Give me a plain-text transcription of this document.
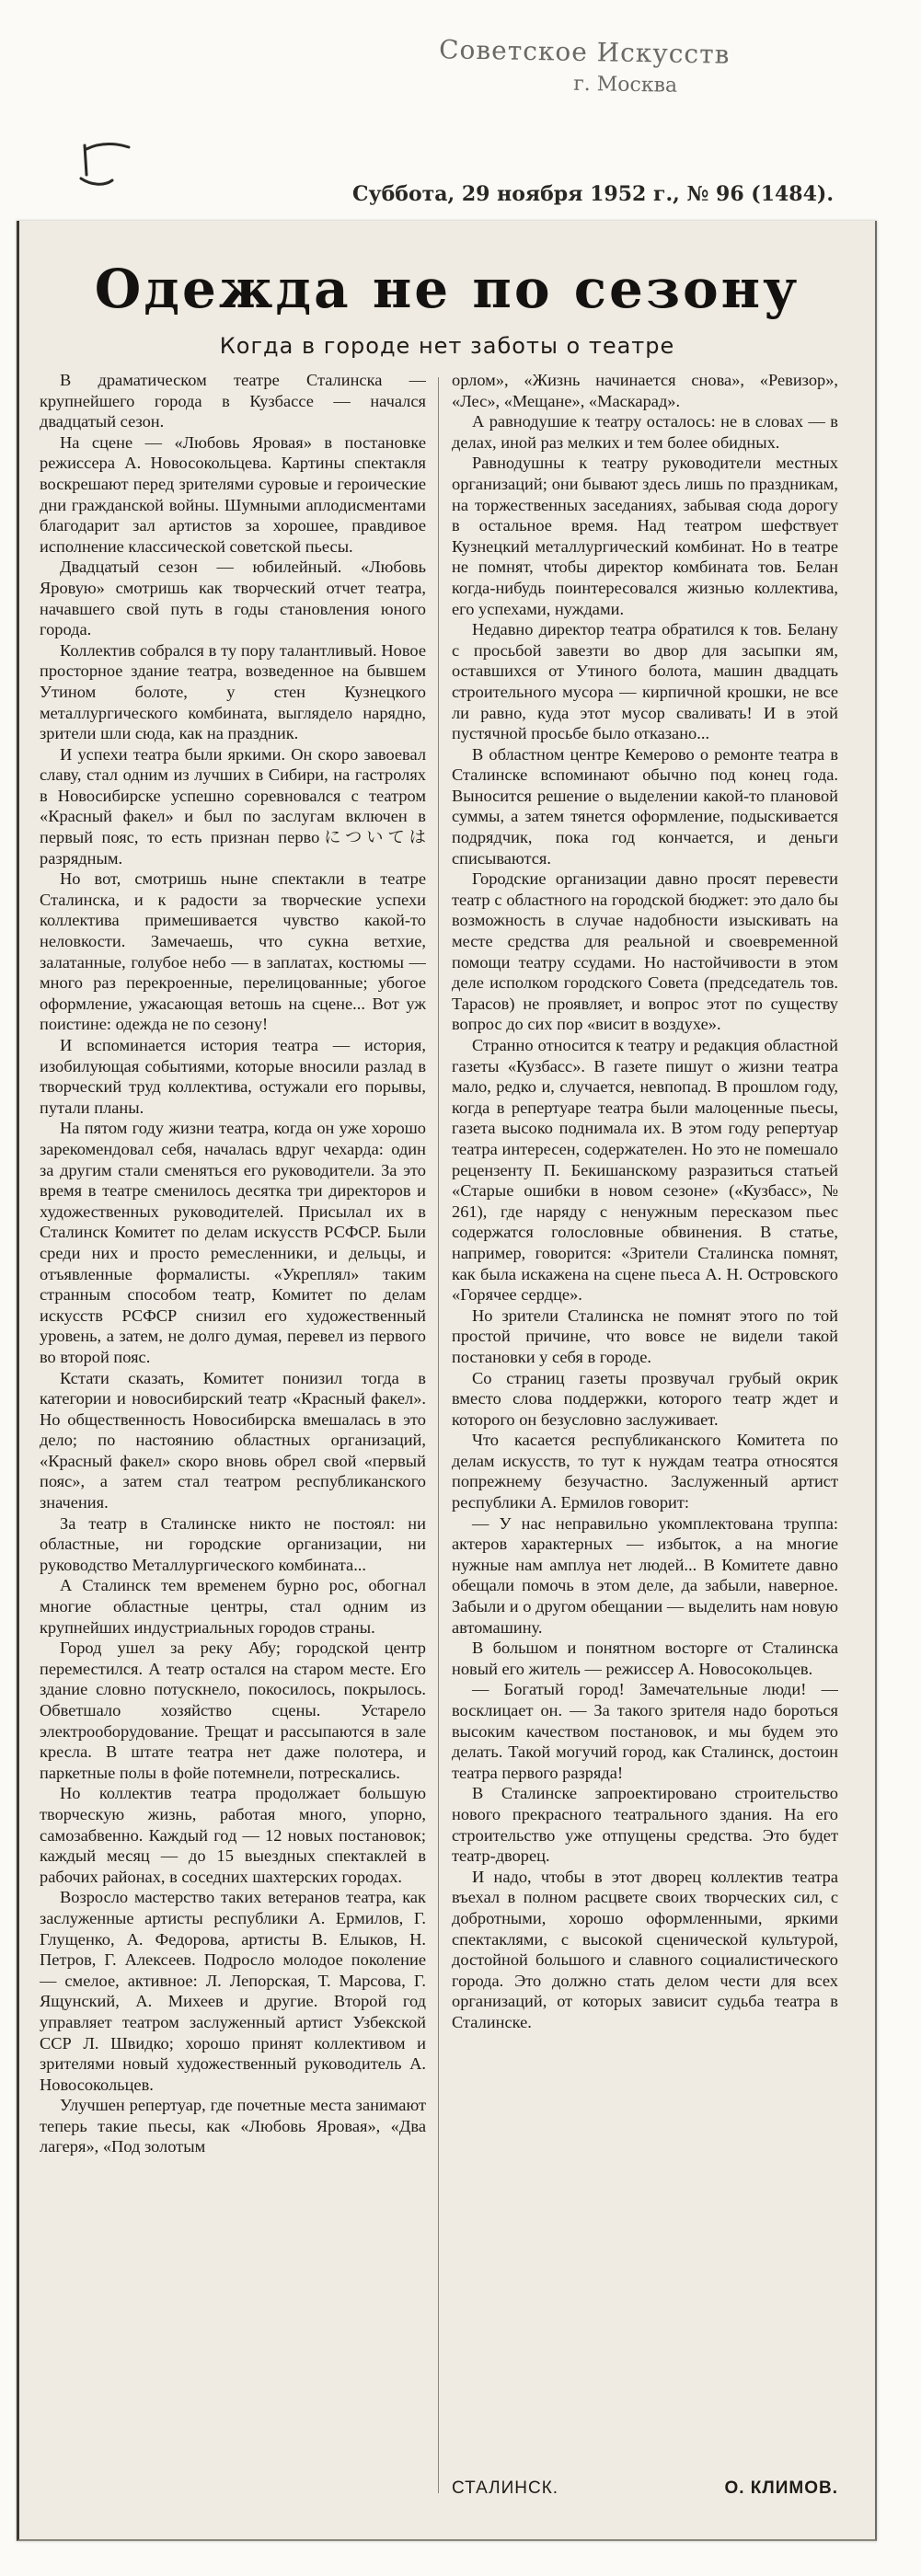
Советское Искусств
г. Москва
Суббота, 29 ноября 1952 г., № 96 (1484).
Одежда не по сезону
Когда в городе нет заботы о театре

В драматическом театре Сталинска — крупнейшего города в Кузбассе — начался двадцатый сезон.

На сцене — «Любовь Яровая» в постановке режиссера А. Новосокольцева. Картины спектакля воскрешают перед зрителями суровые и героические дни гражданской войны. Шумными аплодисментами благодарит зал артистов за хорошее, правдивое исполнение классической советской пьесы.

Двадцатый сезон — юбилейный. «Любовь Яровую» смотришь как творческий отчет театра, начавшего свой путь в годы становления юного города.

Коллектив собрался в ту пору талантливый. Новое просторное здание театра, возведенное на бывшем Утином болоте, у стен Кузнецкого металлургического комбината, выглядело нарядно, зрители шли сюда, как на праздник.

И успехи театра были яркими. Он скоро завоевал славу, стал одним из лучших в Сибири, на гастролях в Новосибирске успешно соревновался с театром «Красный факел» и был по заслугам включен в первый пояс, то есть признан первоについては разрядным.

Но вот, смотришь ныне спектакли в театре Сталинска, и к радости за творческие успехи коллектива примешивается чувство какой-то неловкости. Замечаешь, что сукна ветхие, залатанные, голубое небо — в заплатах, костюмы — много раз перекроенные, перелицованные; убогое оформление, ужасающая ветошь на сцене... Вот уж поистине: одежда не по сезону!

И вспоминается история театра — история, изобилующая событиями, которые вносили разлад в творческий труд коллектива, остужали его порывы, путали планы.

На пятом году жизни театра, когда он уже хорошо зарекомендовал себя, началась вдруг чехарда: один за другим стали сменяться его руководители. За это время в театре сменилось десятка три директоров и художественных руководителей. Присылал их в Сталинск Комитет по делам искусств РСФСР. Были среди них и просто ремесленники, и дельцы, и отъявленные формалисты. «Укреплял» таким странным способом театр, Комитет по делам искусств РСФСР снизил его художественный уровень, а затем, не долго думая, перевел из первого во второй пояс.

Кстати сказать, Комитет понизил тогда в категории и новосибирский театр «Красный факел». Но общественность Новосибирска вмешалась в это дело; по настоянию областных организаций, «Красный факел» скоро вновь обрел свой «первый пояс», а затем стал театром республиканского значения.

За театр в Сталинске никто не постоял: ни областные, ни городские организации, ни руководство Металлургического комбината...

А Сталинск тем временем бурно рос, обогнал многие областные центры, стал одним из крупнейших индустриальных городов страны.

Город ушел за реку Абу; городской центр переместился. А театр остался на старом месте. Его здание словно потускнело, покосилось, покрылось. Обветшало хозяйство сцены. Устарело электрооборудование. Трещат и рассыпаются в зале кресла. В штате театра нет даже полотера, и паркетные полы в фойе потемнели, потрескались.

Но коллектив театра продолжает большую творческую жизнь, работая много, упорно, самозабвенно. Каждый год — 12 новых постановок; каждый месяц — до 15 выездных спектаклей в рабочих районах, в соседних шахтерских городах.

Возросло мастерство таких ветеранов театра, как заслуженные артисты республики А. Ермилов, Г. Глущенко, А. Федорова, артисты В. Елыков, Н. Петров, Г. Алексеев. Подросло молодое поколение — смелое, активное: Л. Лепорская, Т. Марсова, Г. Ящунский, А. Михеев и другие. Второй год управляет театром заслуженный артист Узбекской ССР Л. Швидко; хорошо принят коллективом и зрителями новый художественный руководитель А. Новосокольцев.

Улучшен репертуар, где почетные места занимают теперь такие пьесы, как «Любовь Яровая», «Два лагеря», «Под золотым

орлом», «Жизнь начинается снова», «Ревизор», «Лес», «Мещане», «Маскарад».

А равнодушие к театру осталось: не в словах — в делах, иной раз мелких и тем более обидных.

Равнодушны к театру руководители местных организаций; они бывают здесь лишь по праздникам, на торжественных заседаниях, забывая сюда дорогу в остальное время. Над театром шефствует Кузнецкий металлургический комбинат. Но в театре не помнят, чтобы директор комбината тов. Белан когда-нибудь поинтересовался жизнью коллектива, его успехами, нуждами.

Недавно директор театра обратился к тов. Белану с просьбой завезти во двор для засыпки ям, оставшихся от Утиного болота, машин двадцать строительного мусора — кирпичной крошки, не все ли равно, куда этот мусор сваливать! И в этой пустячной просьбе было отказано...

В областном центре Кемерово о ремонте театра в Сталинске вспоминают обычно под конец года. Выносится решение о выделении какой-то плановой суммы, а затем тянется оформление, подыскивается подрядчик, пока год кончается, и деньги списываются.

Городские организации давно просят перевести театр с областного на городской бюджет: это дало бы возможность в случае надобности изыскивать на месте средства для реальной и своевременной помощи театру ссудами. Но настойчивости в этом деле исполком городского Совета (председатель тов. Тарасов) не проявляет, и вопрос этот по существу вопрос до сих пор «висит в воздухе».

Странно относится к театру и редакция областной газеты «Кузбасс». В газете пишут о жизни театра мало, редко и, случается, невпопад. В прошлом году, когда в репертуаре театра были малоценные пьесы, газета высоко поднимала их. В этом году репертуар театра интересен, содержателен. Но это не помешало рецензенту П. Бекишанскому разразиться статьей «Старые ошибки в новом сезоне» («Кузбасс», № 261), где наряду с ненужным пересказом пьес содержатся голословные обвинения. В статье, например, говорится: «Зрители Сталинска помнят, как была искажена на сцене пьеса А. Н. Островского «Горячее сердце».

Но зрители Сталинска не помнят этого по той простой причине, что вовсе не видели такой постановки у себя в городе.

Со страниц газеты прозвучал грубый окрик вместо слова поддержки, которого театр ждет и которого он безусловно заслуживает.

Что касается республиканского Комитета по делам искусств, то тут к нуждам театра относятся попрежнему безучастно. Заслуженный артист республики А. Ермилов говорит:

— У нас неправильно укомплектована труппа: актеров характерных — избыток, а на многие нужные нам амплуа нет людей... В Комитете давно обещали помочь в этом деле, да забыли, наверное. Забыли и о другом обещании — выделить нам новую автомашину.

В большом и понятном восторге от Сталинска новый его житель — режиссер А. Новосокольцев.

— Богатый город! Замечательные люди! — восклицает он. — За такого зрителя надо бороться высоким качеством постановок, и мы будем это делать. Такой могучий город, как Сталинск, достоин театра первого разряда!

В Сталинске запроектировано строительство нового прекрасного театрального здания. На его строительство уже отпущены средства. Это будет театр-дворец.

И надо, чтобы в этот дворец коллектив театра въехал в полном расцвете своих творческих сил, с добротными, хорошо оформленными, яркими спектаклями, с высокой сценической культурой, достойной большого и славного социалистического города. Это должно стать делом чести для всех организаций, от которых зависит судьба театра в Сталинске.

СТАЛИНСК.	О. КЛИМОВ.
